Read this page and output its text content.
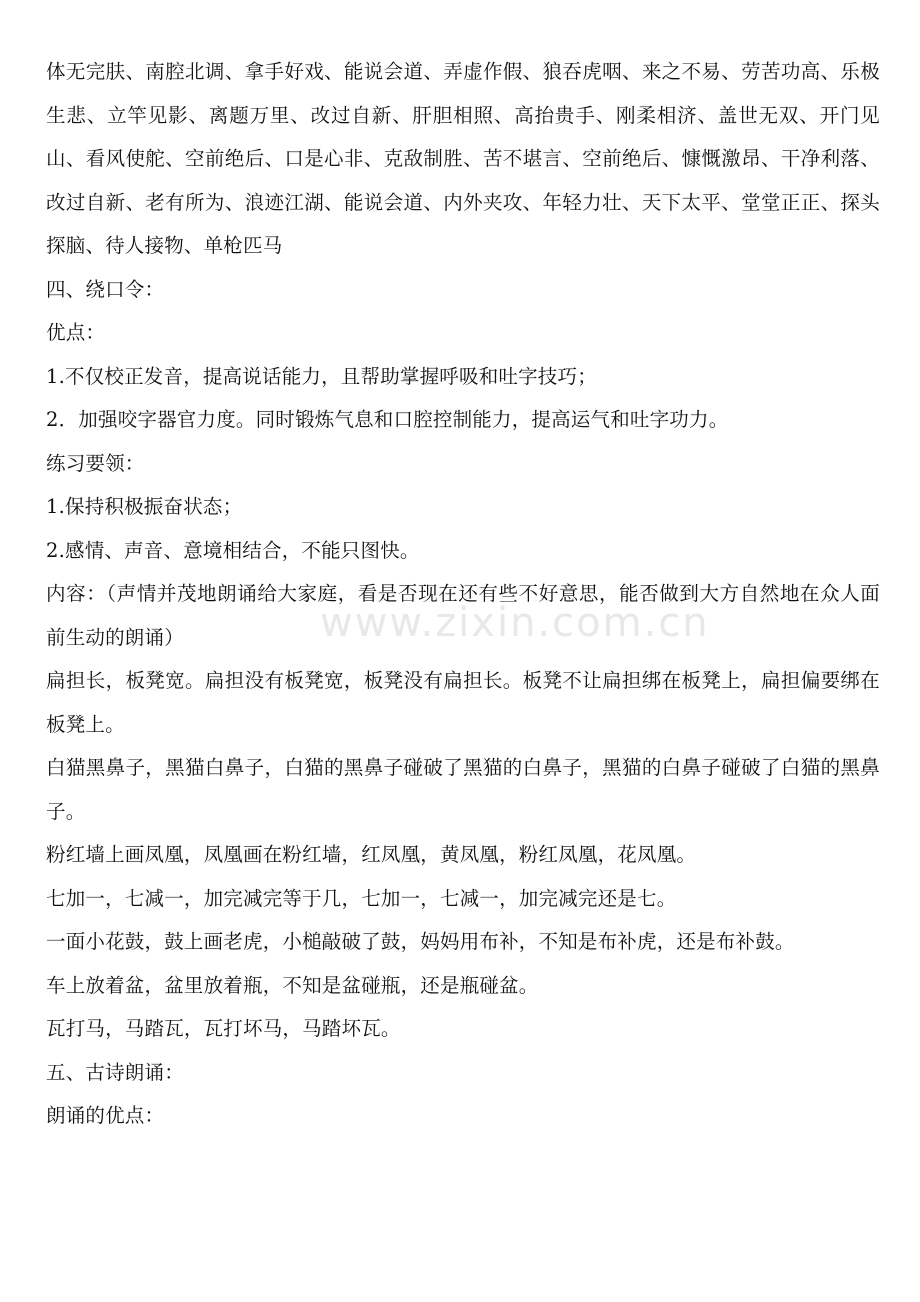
www.zixin.com.cn

体无完肤、南腔北调、拿手好戏、能说会道、弄虚作假、狼吞虎咽、来之不易、劳苦功高、乐极生悲、立竿见影、离题万里、改过自新、肝胆相照、高抬贵手、刚柔相济、盖世无双、开门见山、看风使舵、空前绝后、口是心非、克敌制胜、苦不堪言、空前绝后、慷慨激昂、干净利落、改过自新、老有所为、浪迹江湖、能说会道、内外夹攻、年轻力壮、天下太平、堂堂正正、探头探脑、待人接物、单枪匹马

四、绕口令：

优点：

1.不仅校正发音，提高说话能力，且帮助掌握呼吸和吐字技巧；

2．加强咬字器官力度。同时锻炼气息和口腔控制能力，提高运气和吐字功力。

练习要领：

1.保持积极振奋状态；

2.感情、声音、意境相结合，不能只图快。

内容：（声情并茂地朗诵给大家庭，看是否现在还有些不好意思，能否做到大方自然地在众人面前生动的朗诵）

扁担长，板凳宽。扁担没有板凳宽，板凳没有扁担长。板凳不让扁担绑在板凳上，扁担偏要绑在板凳上。

白猫黑鼻子，黑猫白鼻子，白猫的黑鼻子碰破了黑猫的白鼻子，黑猫的白鼻子碰破了白猫的黑鼻子。

粉红墙上画凤凰，凤凰画在粉红墙，红凤凰，黄凤凰，粉红凤凰，花凤凰。

七加一，七减一，加完减完等于几，七加一，七减一，加完减完还是七。

一面小花鼓，鼓上画老虎，小槌敲破了鼓，妈妈用布补，不知是布补虎，还是布补鼓。

车上放着盆，盆里放着瓶，不知是盆碰瓶，还是瓶碰盆。

瓦打马，马踏瓦，瓦打坏马，马踏坏瓦。

五、古诗朗诵：

朗诵的优点：
